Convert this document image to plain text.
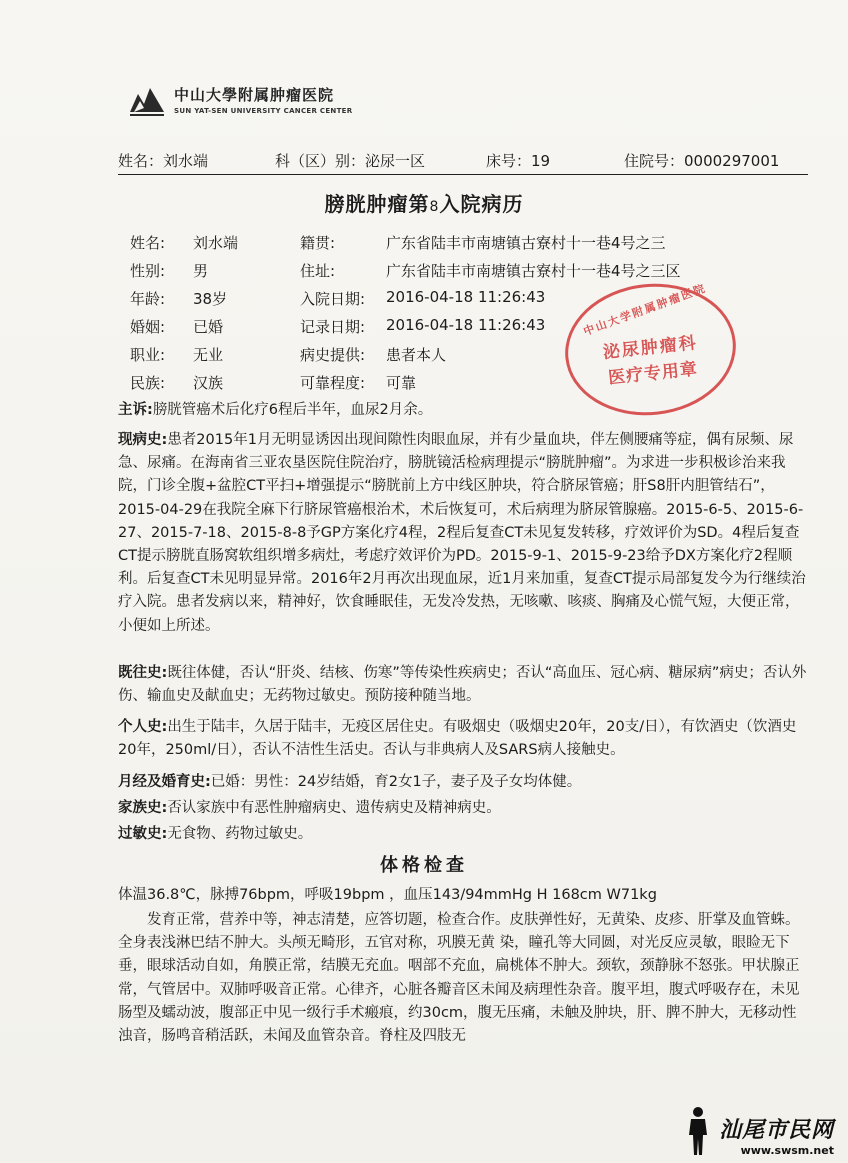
中山大學附属肿瘤医院
SUN YAT-SEN UNIVERSITY CANCER CENTER
姓名：刘水端	科（区）别：泌尿一区	床号：19	住院号：0000297001
膀胱肿瘤第8入院病历
姓名: 刘水端	籍贯:	广东省陆丰市南塘镇古寮村十一巷4号之三
性别: 男	住址:	广东省陆丰市南塘镇古寮村十一巷4号之三区
年龄: 38岁	入院日期: 2016-04-18 11:26:43
婚姻: 已婚	记录日期: 2016-04-18 11:26:43
职业: 无业	病史提供: 患者本人
民族: 汉族	可靠程度: 可靠
中山大学附属肿瘤医院
泌尿肿瘤科
医疗专用章
主诉:膀胱管癌术后化疗6程后半年，血尿2月余。
现病史:患者2015年1月无明显诱因出现间隙性肉眼血尿，并有少量血块，伴左侧腰痛等症，偶有尿频、尿急、尿痛。在海南省三亚农垦医院住院治疗，膀胱镜活检病理提示“膀胱肿瘤”。为求进一步积极诊治来我院，门诊全腹+盆腔CT平扫+增强提示“膀胱前上方中线区肿块，符合脐尿管癌；肝S8肝内胆管结石”，2015-04-29在我院全麻下行脐尿管癌根治术，术后恢复可，术后病理为脐尿管腺癌。2015-6-5、2015-6-27、2015-7-18、2015-8-8予GP方案化疗4程，2程后复查CT未见复发转移，疗效评价为SD。4程后复查CT提示膀胱直肠窝软组织增多病灶，考虑疗效评价为PD。2015-9-1、2015-9-23给予DX方案化疗2程顺利。后复查CT未见明显异常。2016年2月再次出现血尿，近1月来加重，复查CT提示局部复发今为行继续治疗入院。患者发病以来，精神好，饮食睡眠佳，无发冷发热，无咳嗽、咳痰、胸痛及心慌气短，大便正常，小便如上所述。
既往史:既往体健，否认“肝炎、结核、伤寒”等传染性疾病史；否认“高血压、冠心病、糖尿病”病史；否认外伤、输血史及献血史；无药物过敏史。预防接种随当地。
个人史:出生于陆丰，久居于陆丰，无疫区居住史。有吸烟史（吸烟史20年，20支/日），有饮酒史（饮酒史20年，250ml/日），否认不洁性生活史。否认与非典病人及SARS病人接触史。
月经及婚育史:已婚：男性：24岁结婚，育2女1子，妻子及子女均体健。
家族史:否认家族中有恶性肿瘤病史、遗传病史及精神病史。
过敏史:无食物、药物过敏史。
体格检查
体温36.8℃，脉搏76bpm，呼吸19bpm ，血压143/94mmHg H 168cm W71kg
发育正常，营养中等，神志清楚，应答切题，检查合作。皮肤弹性好，无黄染、皮疹、肝掌及血管蛛。全身表浅淋巴结不肿大。头颅无畸形，五官对称，巩膜无黄 染，瞳孔等大同圆，对光反应灵敏，眼睑无下垂，眼球活动自如，角膜正常，结膜无充血。咽部不充血，扁桃体不肿大。颈软，颈静脉不怒张。甲状腺正常，气管居中。双肺呼吸音正常。心律齐，心脏各瓣音区未闻及病理性杂音。腹平坦，腹式呼吸存在，未见肠型及蠕动波，腹部正中见一级行手术瘢痕，约30cm，腹无压痛，未触及肿块，肝、脾不肿大，无移动性浊音，肠鸣音稍活跃，未闻及血管杂音。脊柱及四肢无
汕尾市民网
www.swsm.net
